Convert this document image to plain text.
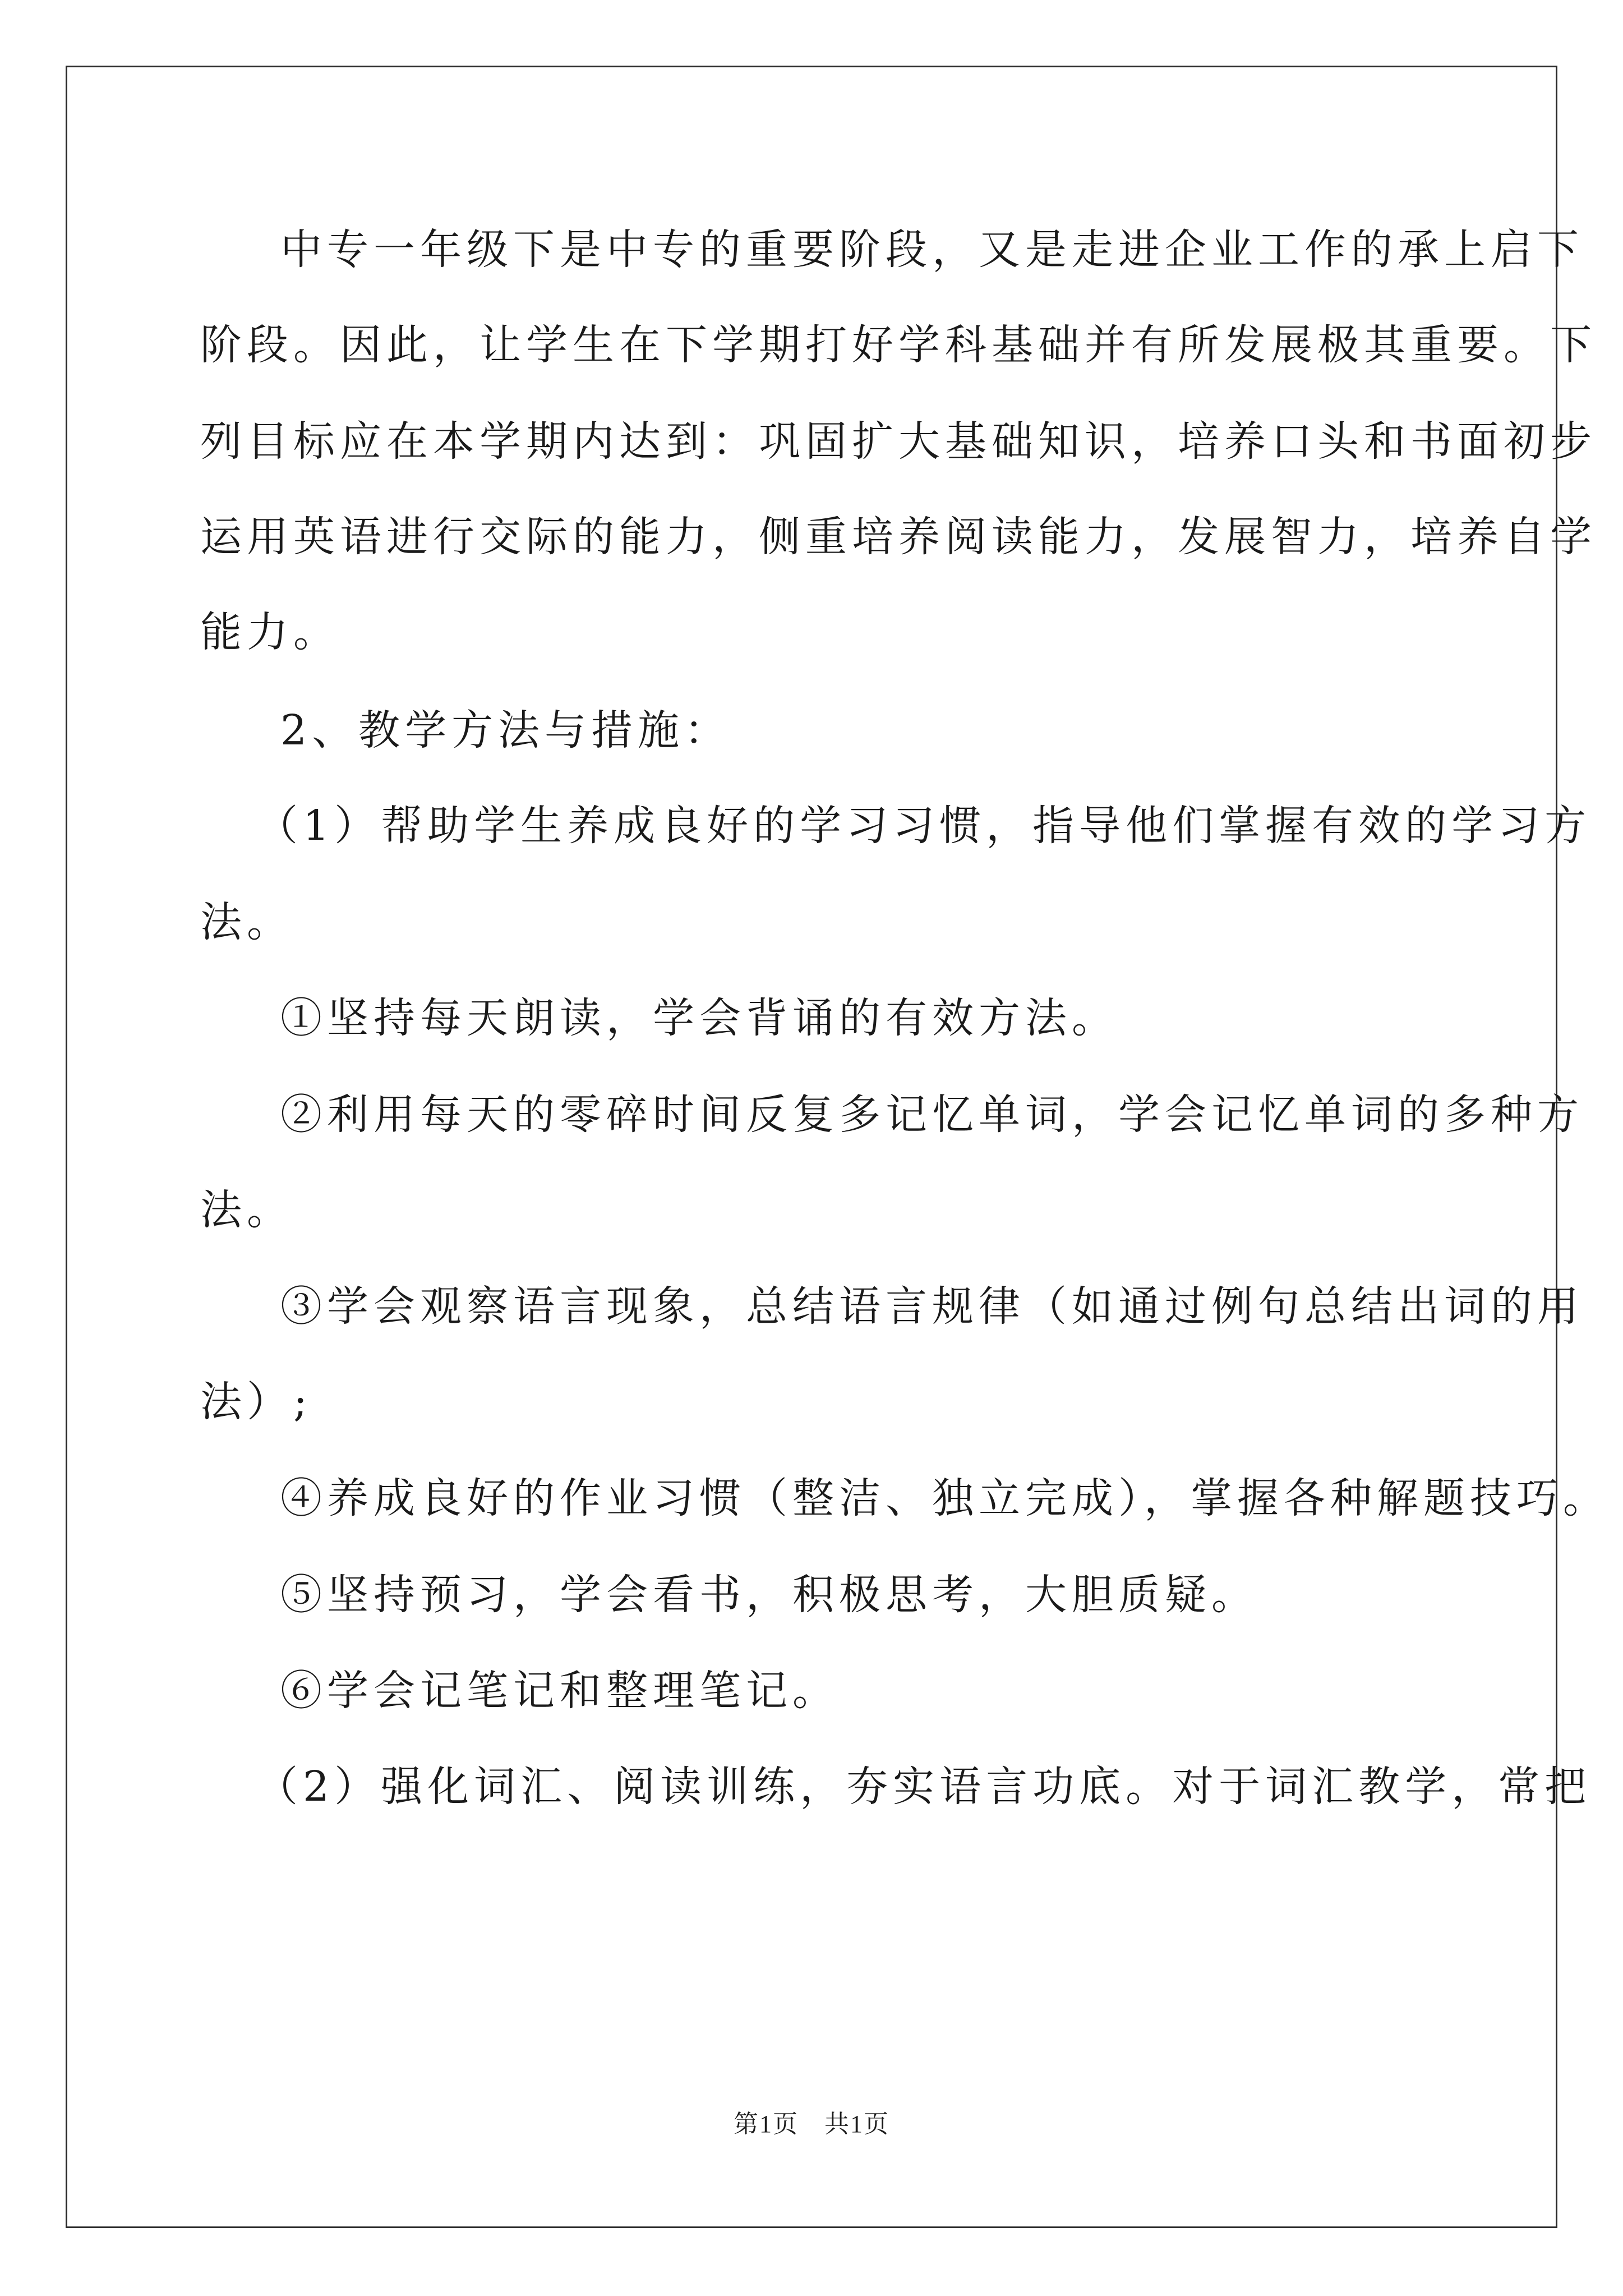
中专一年级下是中专的重要阶段，又是走进企业工作的承上启下
阶段。因此，让学生在下学期打好学科基础并有所发展极其重要。下
列目标应在本学期内达到：巩固扩大基础知识，培养口头和书面初步
运用英语进行交际的能力，侧重培养阅读能力，发展智力，培养自学
能力。
2、教学方法与措施：
（1）帮助学生养成良好的学习习惯，指导他们掌握有效的学习方
法。
①坚持每天朗读，学会背诵的有效方法。
②利用每天的零碎时间反复多记忆单词，学会记忆单词的多种方
法。
③学会观察语言现象，总结语言规律（如通过例句总结出词的用
法）;
④养成良好的作业习惯（整洁、独立完成），掌握各种解题技巧。
⑤坚持预习，学会看书，积极思考，大胆质疑。
⑥学会记笔记和整理笔记。
（2）强化词汇、阅读训练，夯实语言功底。对于词汇教学，常把
第1页　共1页
